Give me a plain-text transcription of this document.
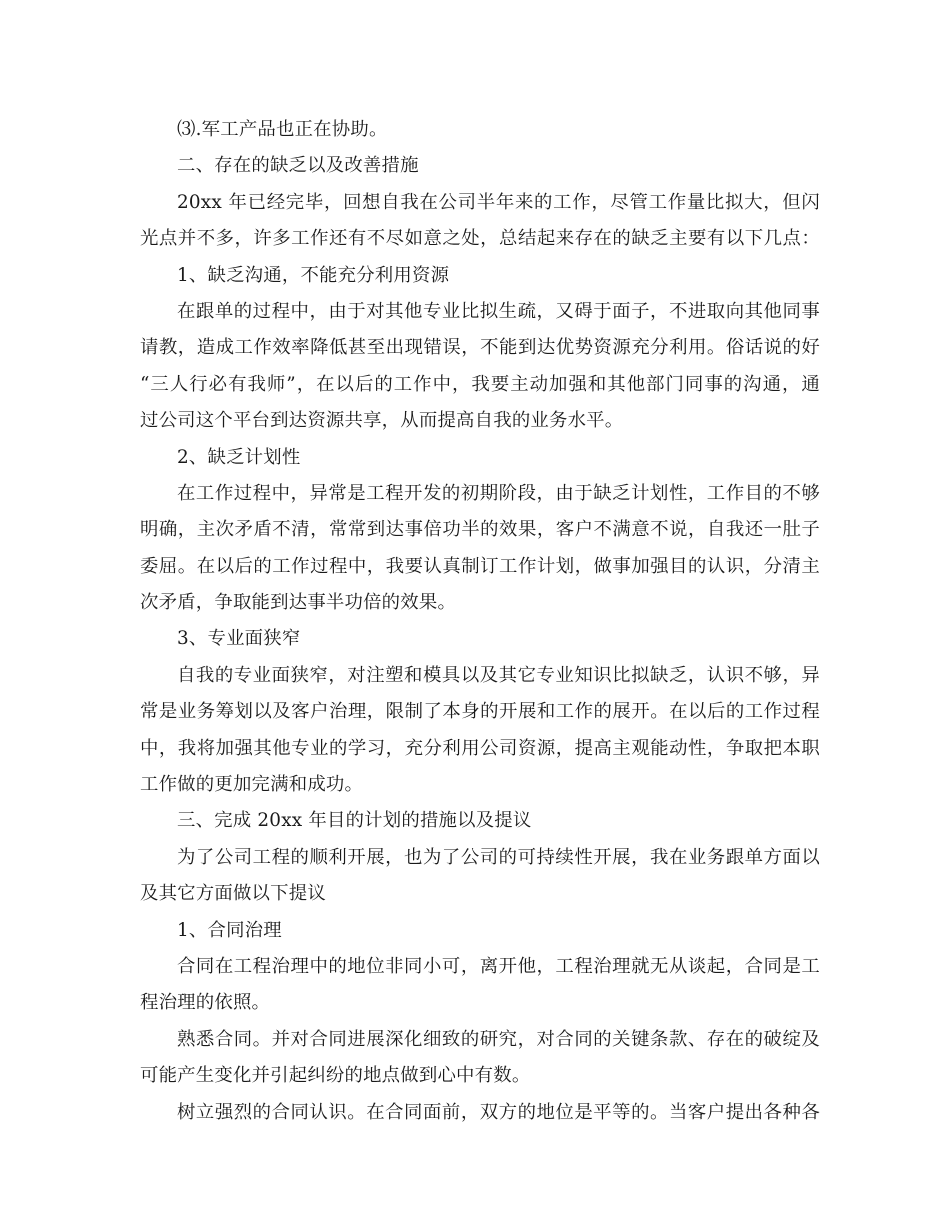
⑶.军工产品也正在协助。
二、存在的缺乏以及改善措施
20xx 年已经完毕，回想自我在公司半年来的工作，尽管工作量比拟大，但闪
光点并不多，许多工作还有不尽如意之处，总结起来存在的缺乏主要有以下几点：
1、缺乏沟通，不能充分利用资源
在跟单的过程中，由于对其他专业比拟生疏，又碍于面子，不进取向其他同事
请教，造成工作效率降低甚至出现错误，不能到达优势资源充分利用。俗话说的好
“三人行必有我师”，在以后的工作中，我要主动加强和其他部门同事的沟通，通
过公司这个平台到达资源共享，从而提高自我的业务水平。
2、缺乏计划性
在工作过程中，异常是工程开发的初期阶段，由于缺乏计划性，工作目的不够
明确，主次矛盾不清，常常到达事倍功半的效果，客户不满意不说，自我还一肚子
委屈。在以后的工作过程中，我要认真制订工作计划，做事加强目的认识，分清主
次矛盾，争取能到达事半功倍的效果。
3、专业面狭窄
自我的专业面狭窄，对注塑和模具以及其它专业知识比拟缺乏，认识不够，异
常是业务筹划以及客户治理，限制了本身的开展和工作的展开。在以后的工作过程
中，我将加强其他专业的学习，充分利用公司资源，提高主观能动性，争取把本职
工作做的更加完满和成功。
三、完成 20xx 年目的计划的措施以及提议
为了公司工程的顺利开展，也为了公司的可持续性开展，我在业务跟单方面以
及其它方面做以下提议
1、合同治理
合同在工程治理中的地位非同小可，离开他，工程治理就无从谈起，合同是工
程治理的依照。
熟悉合同。并对合同进展深化细致的研究，对合同的关键条款、存在的破绽及
可能产生变化并引起纠纷的地点做到心中有数。
树立强烈的合同认识。在合同面前，双方的地位是平等的。当客户提出各种各
